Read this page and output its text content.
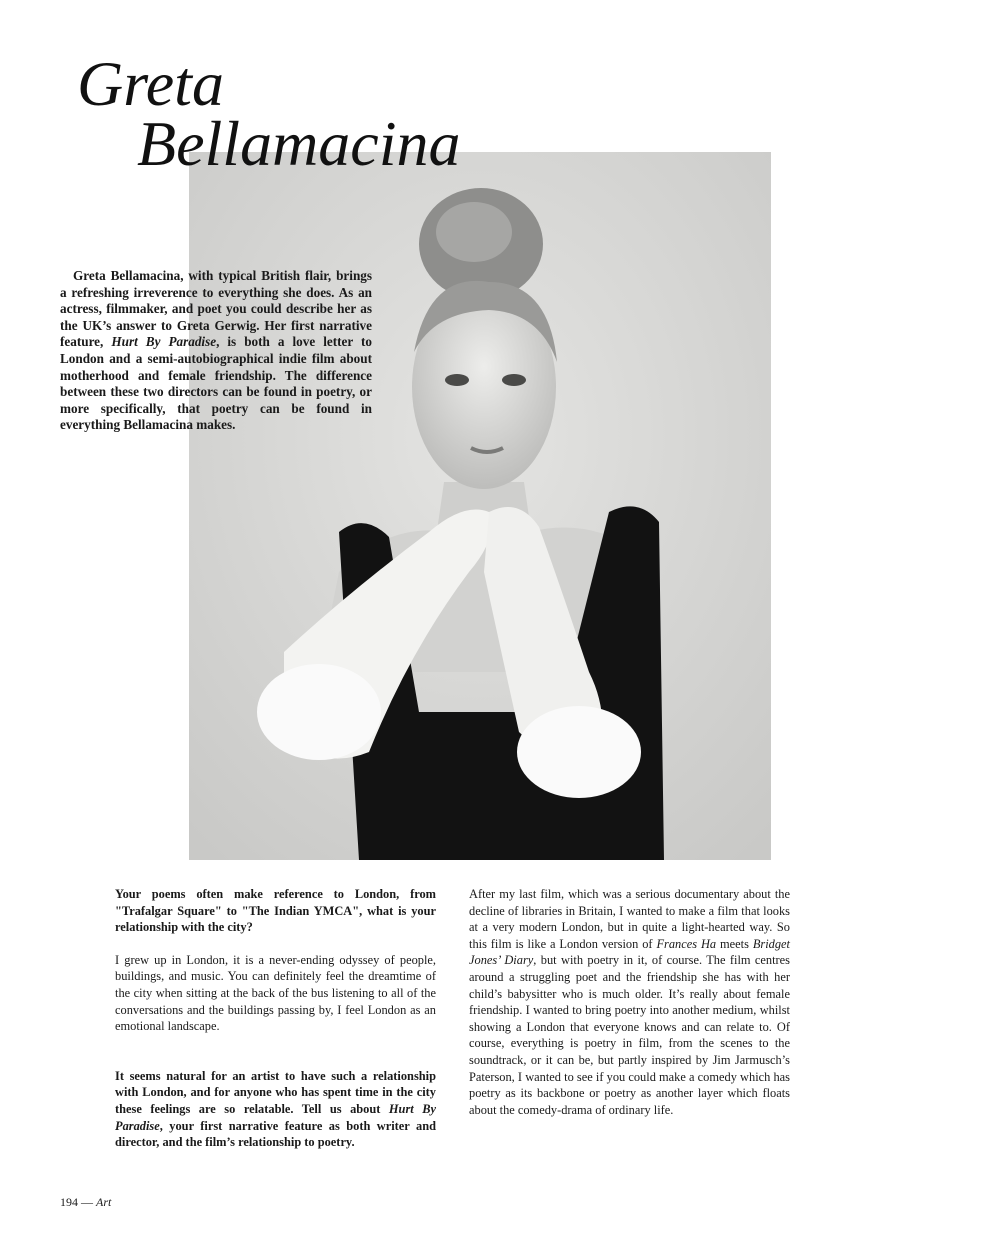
Greta
Bellamacina

Greta Bellamacina, with typical British flair, brings a refreshing irreverence to everything she does. As an actress, filmmaker, and poet you could describe her as the UK’s answer to Greta Gerwig. Her first narrative feature, Hurt By Paradise, is both a love letter to London and a semi-autobiographical indie film about motherhood and female friendship. The difference between these two directors can be found in poetry, or more specifically, that poetry can be found in everything Bellamacina makes.

Your poems often make reference to London, from "Trafalgar Square" to "The Indian YMCA", what is your relationship with the city?

I grew up in London, it is a never-ending odyssey of people, buildings, and music. You can definitely feel the dreamtime of the city when sitting at the back of the bus listening to all of the conversations and the buildings passing by, I feel London as an emotional landscape.

It seems natural for an artist to have such a relationship with London, and for anyone who has spent time in the city these feelings are so relatable. Tell us about Hurt By Paradise, your first narrative feature as both writer and director, and the film’s relationship to poetry.

After my last film, which was a serious documentary about the decline of libraries in Britain, I wanted to make a film that looks at a very modern London, but in quite a light-hearted way. So this film is like a London version of Frances Ha meets Bridget Jones’ Diary, but with poetry in it, of course. The film centres around a struggling poet and the friendship she has with her child’s babysitter who is much older. It’s really about female friendship. I wanted to bring poetry into another medium, whilst showing a London that everyone knows and can relate to. Of course, everything is poetry in film, from the scenes to the soundtrack, or it can be, but partly inspired by Jim Jarmusch’s Paterson, I wanted to see if you could make a comedy which has poetry as its backbone or poetry as another layer which floats about the comedy-drama of ordinary life.

194 — Art
